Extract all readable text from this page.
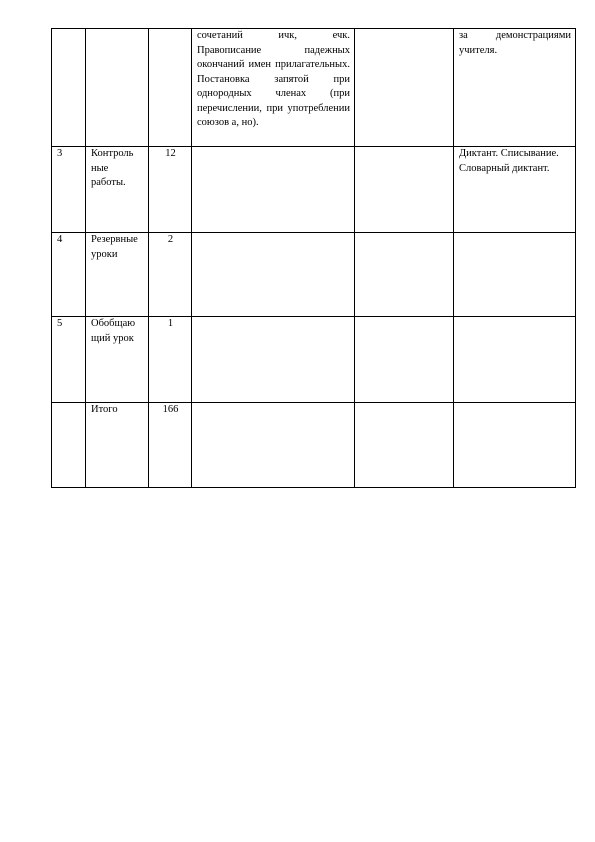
			сочетаний ичк, ечк. Правописание падежных окончаний имен прилагательных. Постановка запятой при однородных членах (при перечислении, при употреблении союзов а, но).		за демонстрациями учителя.
3	Контроль ные работы.	12			Диктант. Списывание. Словарный диктант.
4	Резервные уроки	2			
5	Обобщаю щий урок	1			
	Итого	166			
